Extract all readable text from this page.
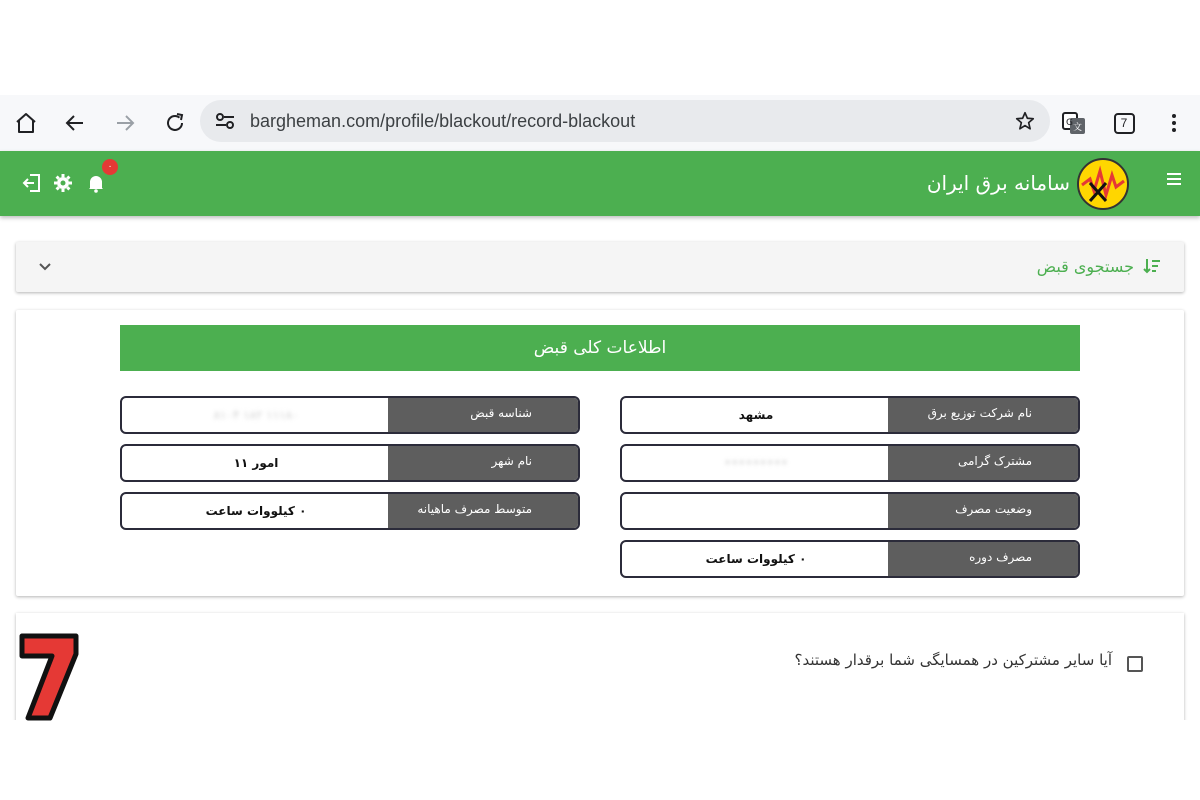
G 文	7
bargheman.com/profile/blackout/record-blackout
سامانه برق ایران
۰
جستجوی قبض
اطلاعات کلی قبض
مشهد	نام شرکت توزیع برق
•••••••••	مشترک گرامی
وضعیت مصرف
۰ کیلووات ساعت	مصرف دوره
۱۱۱۸۰ ۱۸۲ ۸۱۰۴	شناسه قبض
امور ۱۱	نام شهر
۰ کیلووات ساعت	متوسط مصرف ماهیانه
آیا سایر مشترکین در همسایگی شما برقدار هستند؟
7
